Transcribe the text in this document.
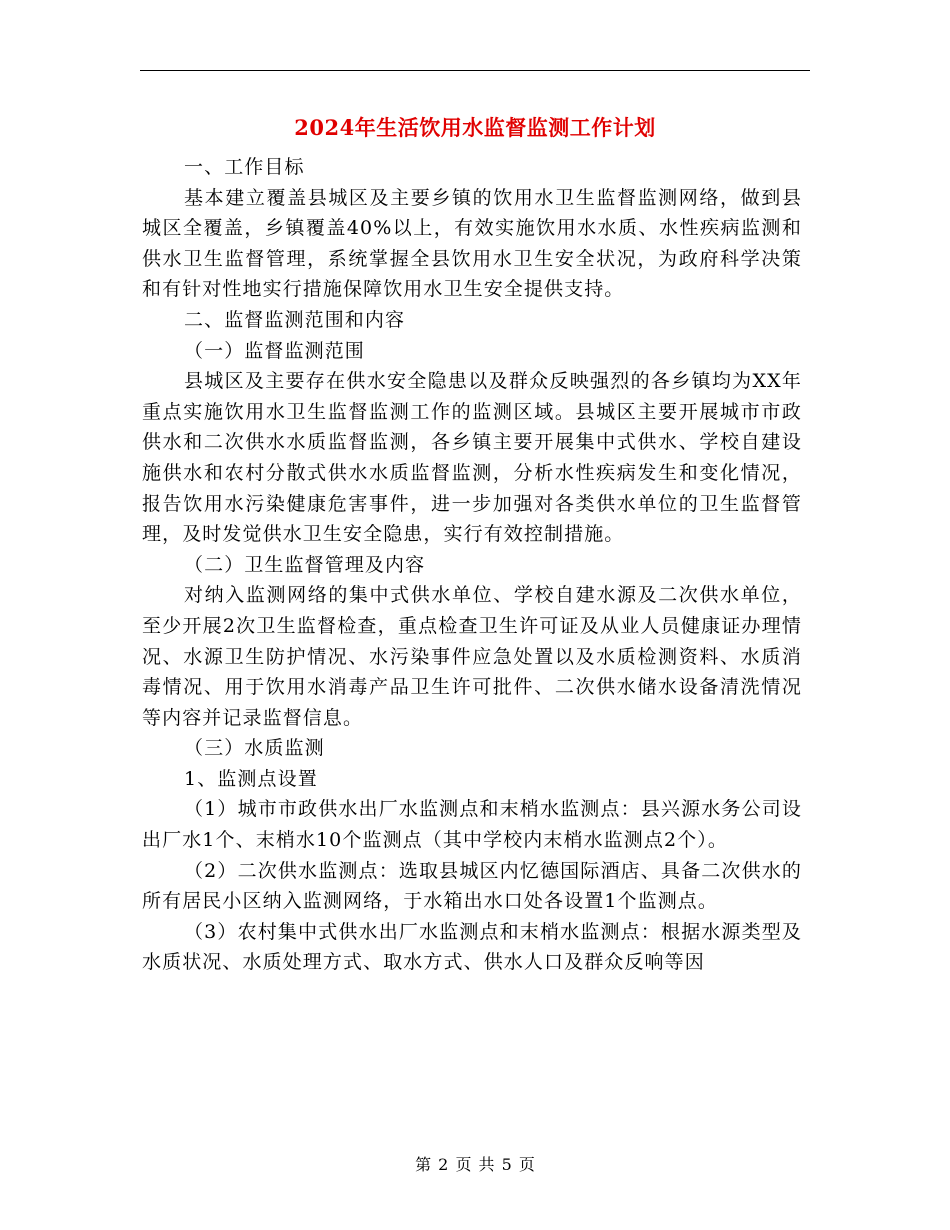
2024年生活饮用水监督监测工作计划

一、工作目标

基本建立覆盖县城区及主要乡镇的饮用水卫生监督监测网络，做到县城区全覆盖，乡镇覆盖40%以上，有效实施饮用水水质、水性疾病监测和供水卫生监督管理，系统掌握全县饮用水卫生安全状况，为政府科学决策和有针对性地实行措施保障饮用水卫生安全提供支持。

二、监督监测范围和内容

（一）监督监测范围

县城区及主要存在供水安全隐患以及群众反映强烈的各乡镇均为XX年重点实施饮用水卫生监督监测工作的监测区域。县城区主要开展城市市政供水和二次供水水质监督监测，各乡镇主要开展集中式供水、学校自建设施供水和农村分散式供水水质监督监测，分析水性疾病发生和变化情况，报告饮用水污染健康危害事件，进一步加强对各类供水单位的卫生监督管理，及时发觉供水卫生安全隐患，实行有效控制措施。

（二）卫生监督管理及内容

对纳入监测网络的集中式供水单位、学校自建水源及二次供水单位，至少开展2次卫生监督检查，重点检查卫生许可证及从业人员健康证办理情况、水源卫生防护情况、水污染事件应急处置以及水质检测资料、水质消毒情况、用于饮用水消毒产品卫生许可批件、二次供水储水设备清洗情况等内容并记录监督信息。

（三）水质监测

1、监测点设置

（1）城市市政供水出厂水监测点和末梢水监测点：县兴源水务公司设出厂水1个、末梢水10个监测点（其中学校内末梢水监测点2个）。

（2）二次供水监测点：选取县城区内忆德国际酒店、具备二次供水的所有居民小区纳入监测网络，于水箱出水口处各设置1个监测点。

（3）农村集中式供水出厂水监测点和末梢水监测点：根据水源类型及水质状况、水质处理方式、取水方式、供水人口及群众反响等因

第 2 页 共 5 页
